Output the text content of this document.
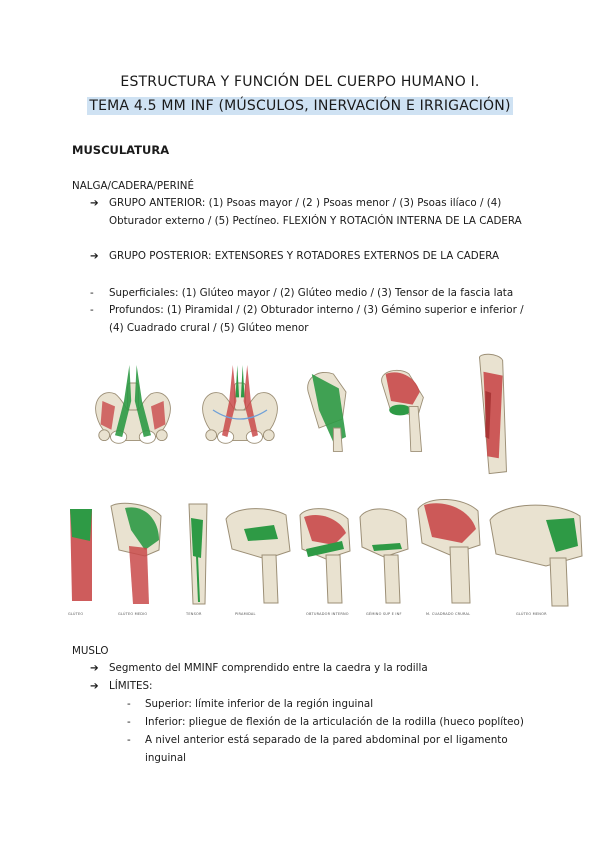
ESTRUCTURA Y FUNCIÓN DEL CUERPO HUMANO I.
TEMA 4.5 MM INF (MÚSCULOS, INERVACIÓN E IRRIGACIÓN)
MUSCULATURA
NALGA/CADERA/PERINÉ
➔	GRUPO ANTERIOR: (1) Psoas mayor / (2 ) Psoas menor / (3) Psoas ilíaco / (4) Obturador externo / (5) Pectíneo. FLEXIÓN Y ROTACIÓN INTERNA DE LA CADERA
➔	GRUPO POSTERIOR: EXTENSORES Y ROTADORES EXTERNOS DE LA CADERA
- Superficiales: (1) Glúteo mayor / (2) Glúteo medio / (3) Tensor de la fascia lata
- Profundos: (1) Piramidal / (2) Obturador interno / (3) Gémino superior e inferior / (4) Cuadrado crural / (5) Glúteo menor
GLÚTEO	GLÚTEO MEDIO	TENSOR	PIRAMIDAL	OBTURADOR INTERNO	GÉMINO SUP E INF	M. CUADRADO CRURAL	GLÚTEO MENOR
MUSLO
➔	Segmento del MMINF comprendido entre la caedra y la rodilla
➔	LÍMITES:
- Superior: límite inferior de la región inguinal
- Inferior: pliegue de flexión de la articulación de la rodilla (hueco poplíteo)
- A nivel anterior está separado de la pared abdominal por el ligamento inguinal
